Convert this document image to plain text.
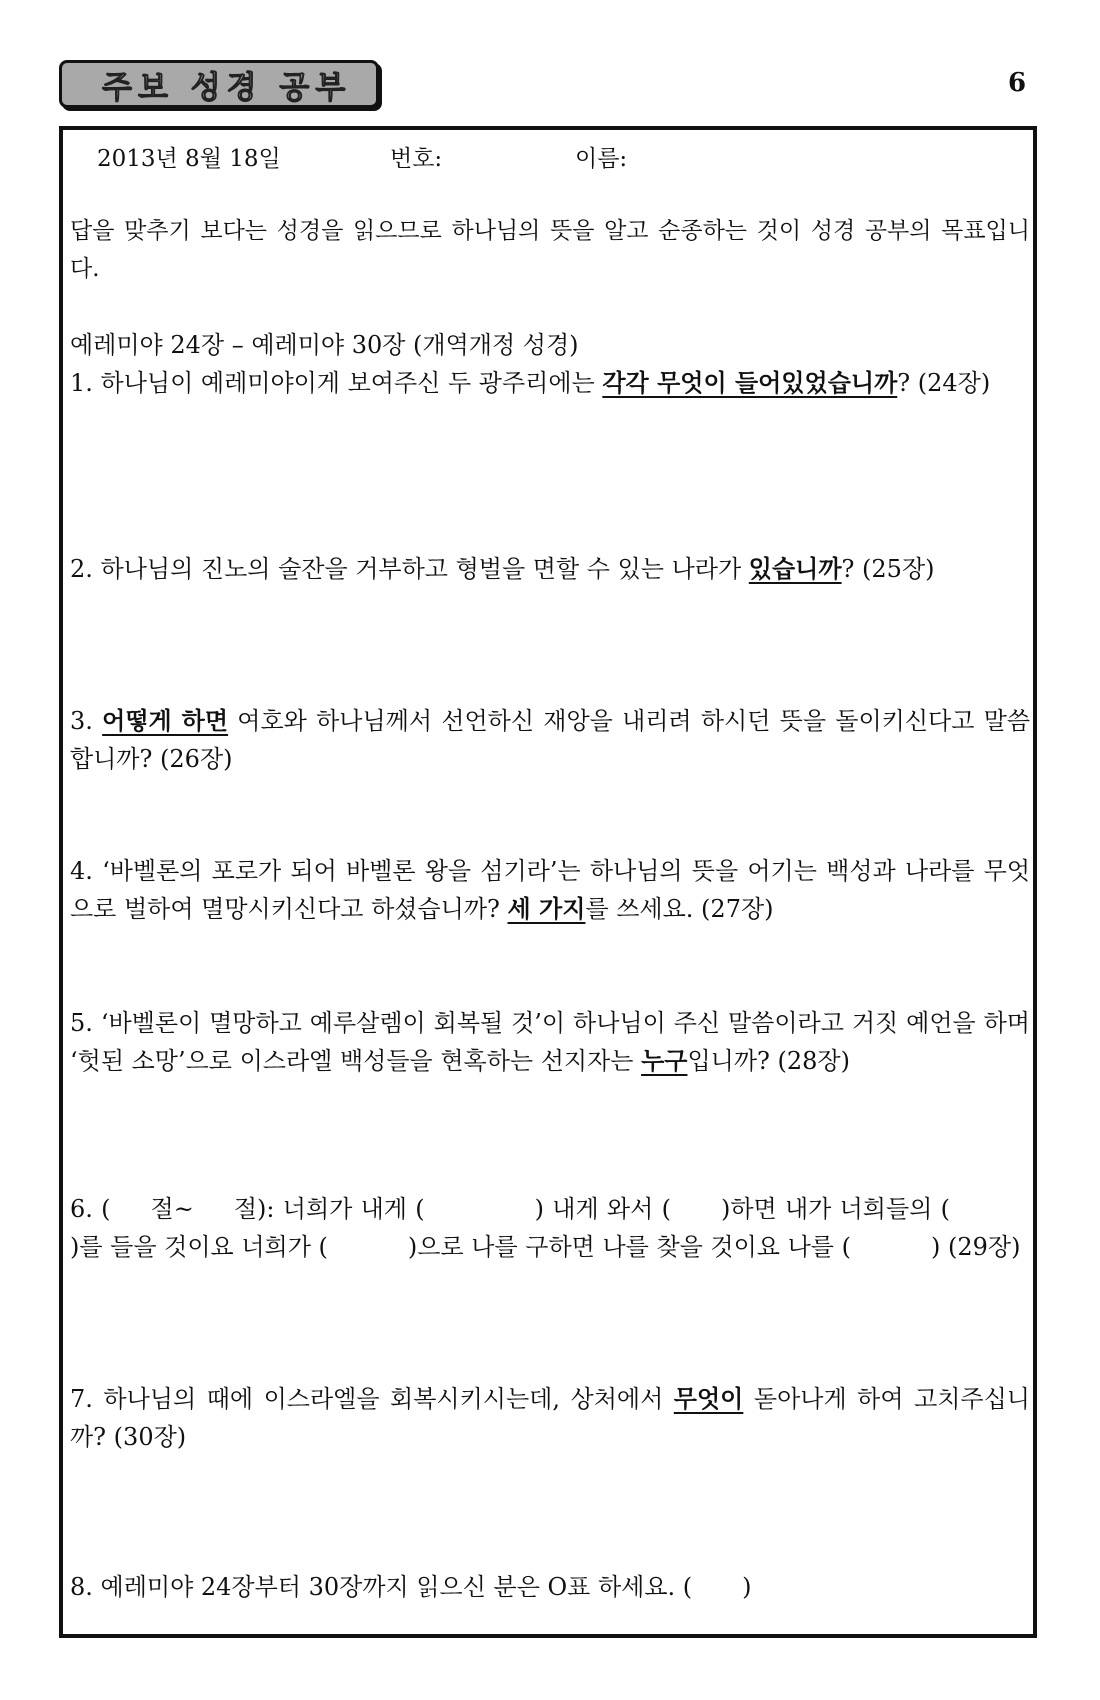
주보 성경 공부	6
2013년 8월 18일	번호:	이름:

답을 맞추기 보다는 성경을 읽으므로 하나님의 뜻을 알고 순종하는 것이 성경 공부의 목표입니다.

예레미야 24장 – 예레미야 30장 (개역개정 성경)

1. 하나님이 예레미야이게 보여주신 두 광주리에는 각각 무엇이 들어있었습니까? (24장)

2. 하나님의 진노의 술잔을 거부하고 형벌을 면할 수 있는 나라가 있습니까? (25장)

3. 어떻게 하면 여호와 하나님께서 선언하신 재앙을 내리려 하시던 뜻을 돌이키신다고 말씀합니까? (26장)

4. ‘바벨론의 포로가 되어 바벨론 왕을 섬기라’는 하나님의 뜻을 어기는 백성과 나라를 무엇으로 벌하여 멸망시키신다고 하셨습니까? 세 가지를 쓰세요. (27장)

5. ‘바벨론이 멸망하고 예루살렘이 회복될 것’이 하나님이 주신 말씀이라고 거짓 예언을 하며 ‘헛된 소망’으로 이스라엘 백성들을 현혹하는 선지자는 누구입니까? (28장)

6. ( 절~ 절): 너희가 내게 (	) 내게 와서 ( )하면 내가 너희들의 ()를 들을 것이요 너희가 (	)으로 나를 구하면 나를 찾을 것이요 나를 (	) (29장)

7. 하나님의 때에 이스라엘을 회복시키시는데, 상처에서 무엇이 돋아나게 하여 고치주십니까? (30장)

8. 예레미야 24장부터 30장까지 읽으신 분은 O표 하세요. ( )
